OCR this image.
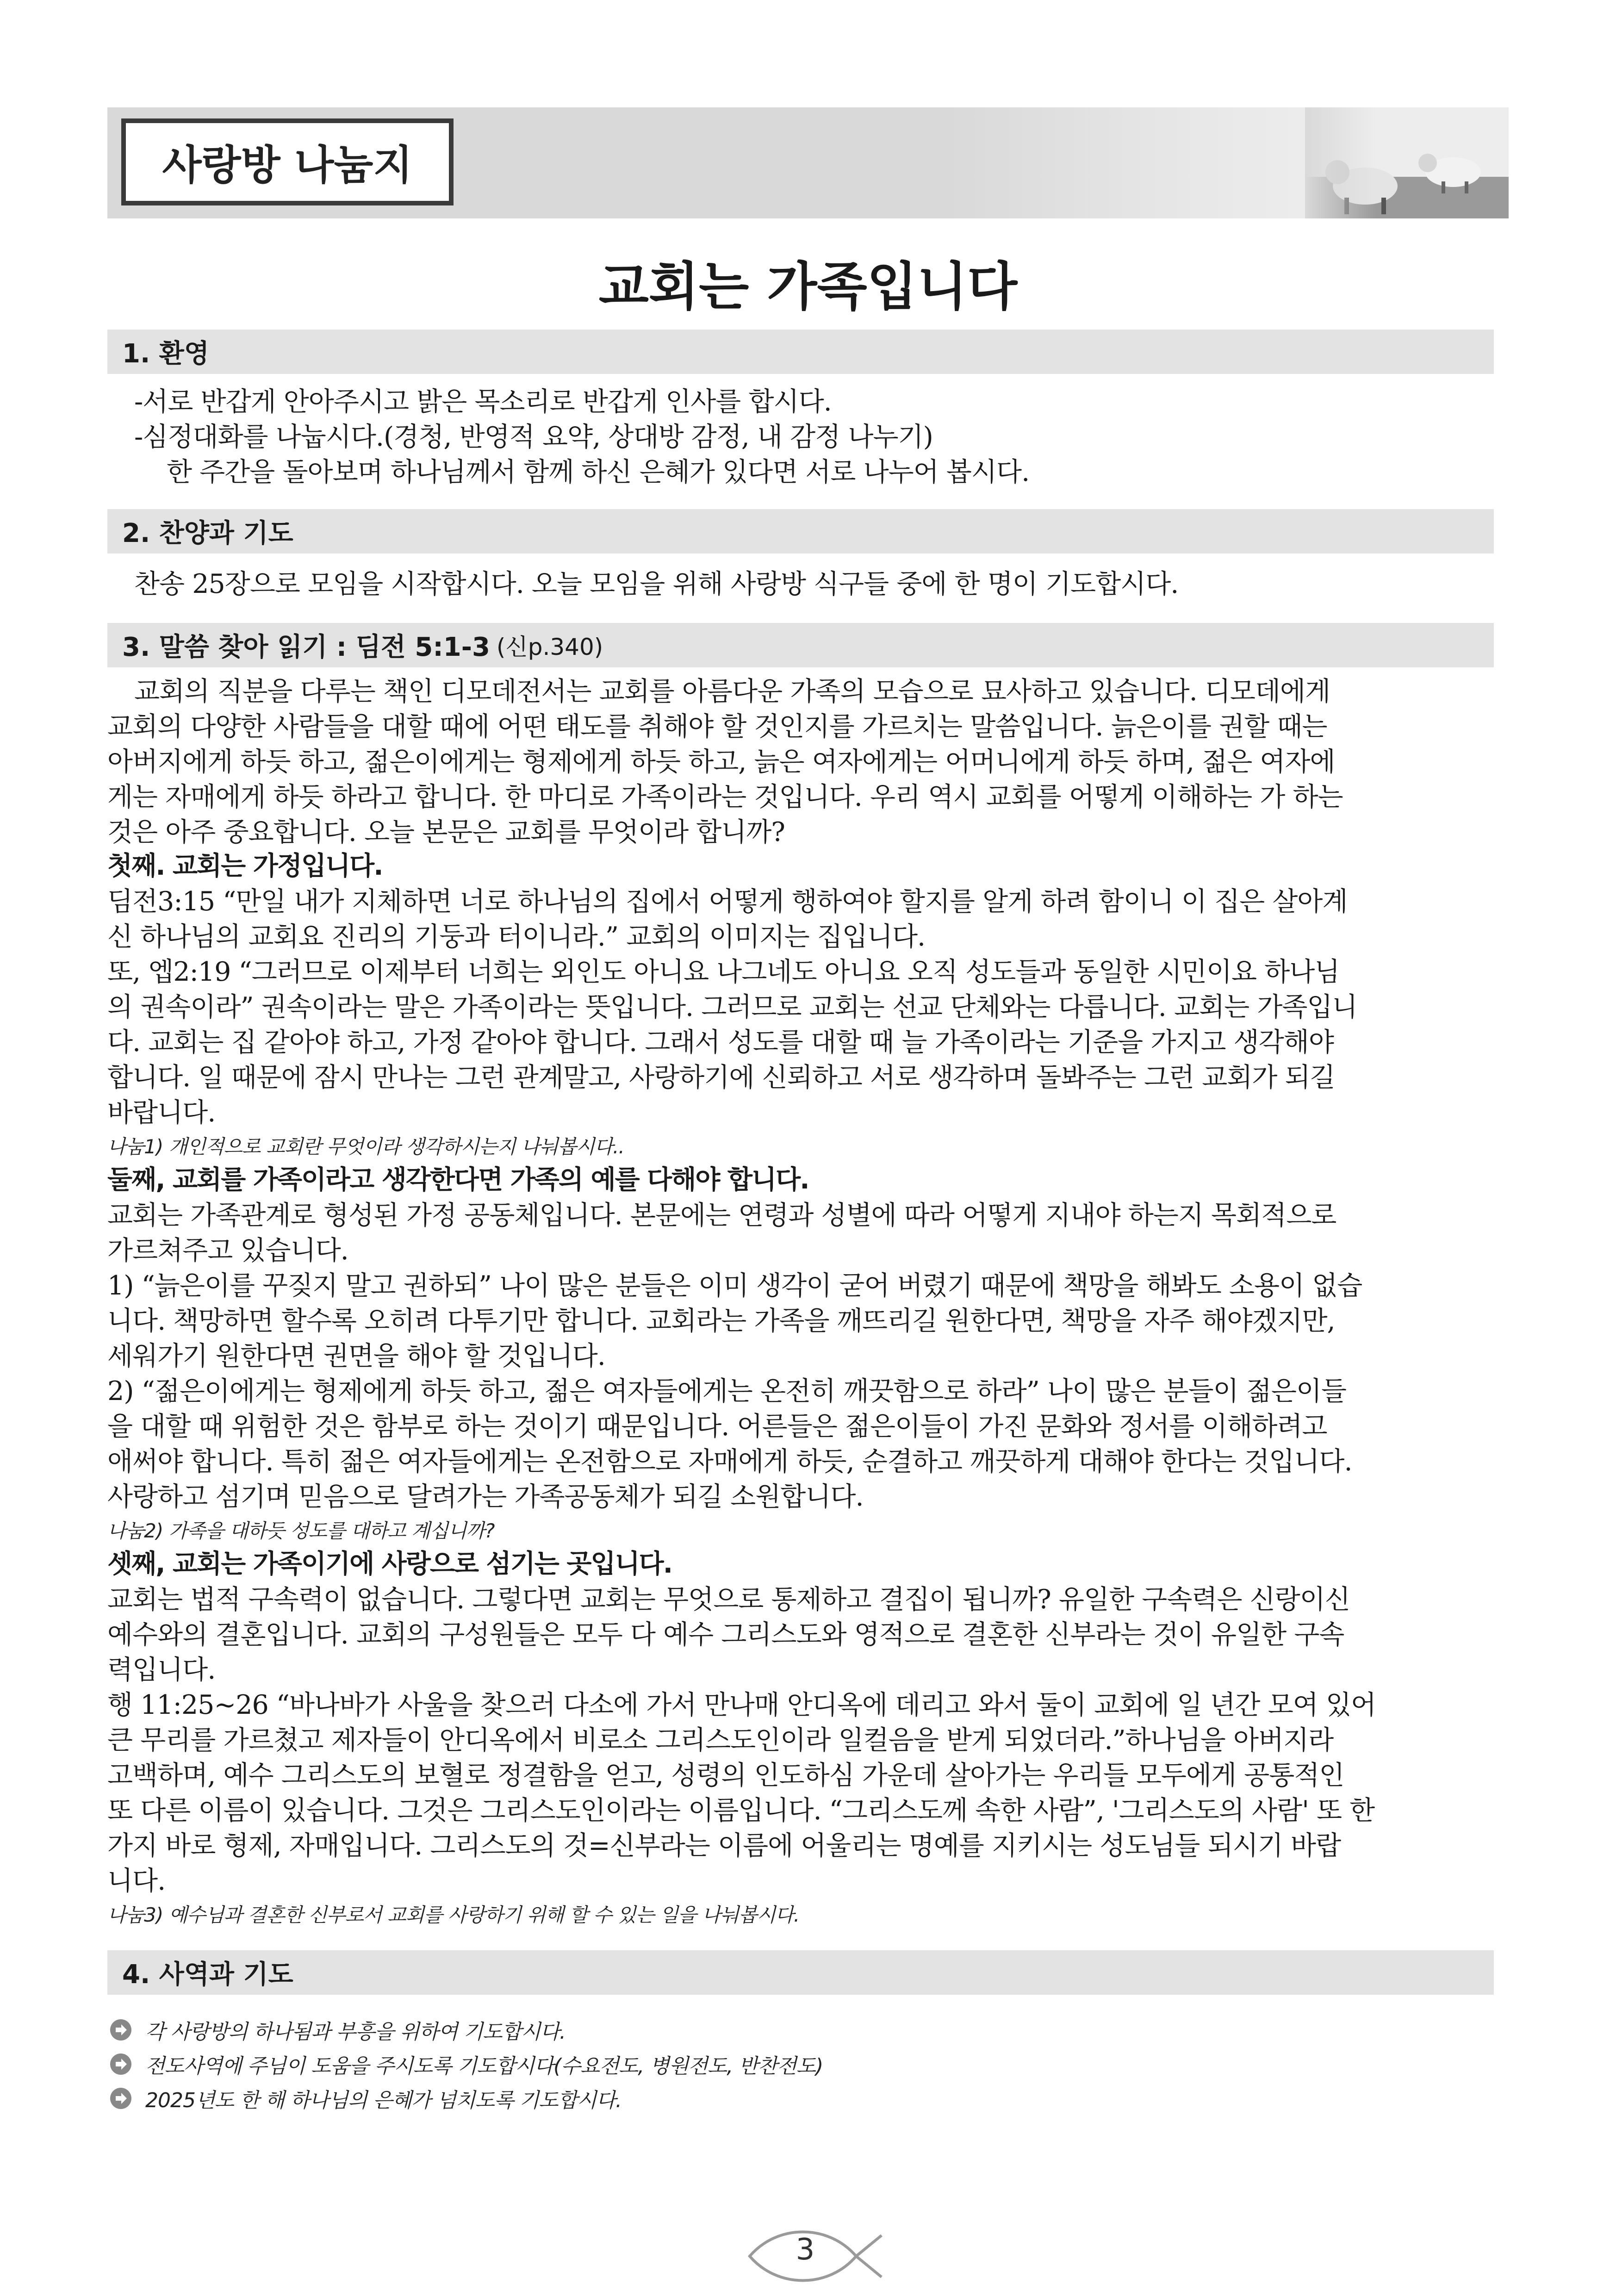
사랑방 나눔지
교회는 가족입니다
1. 환영
-서로 반갑게 안아주시고 밝은 목소리로 반갑게 인사를 합시다.
-심정대화를 나눕시다.(경청, 반영적 요약, 상대방 감정, 내 감정 나누기)
한 주간을 돌아보며 하나님께서 함께 하신 은혜가 있다면 서로 나누어 봅시다.
2. 찬양과 기도
찬송 25장으로 모임을 시작합시다. 오늘 모임을 위해 사랑방 식구들 중에 한 명이 기도합시다.
3. 말씀 찾아 읽기 : 딤전 5:1-3 (신p.340)
교회의 직분을 다루는 책인 디모데전서는 교회를 아름다운 가족의 모습으로 묘사하고 있습니다. 디모데에게
교회의 다양한 사람들을 대할 때에 어떤 태도를 취해야 할 것인지를 가르치는 말씀입니다. 늙은이를 권할 때는
아버지에게 하듯 하고, 젊은이에게는 형제에게 하듯 하고, 늙은 여자에게는 어머니에게 하듯 하며, 젊은 여자에
게는 자매에게 하듯 하라고 합니다. 한 마디로 가족이라는 것입니다. 우리 역시 교회를 어떻게 이해하는 가 하는
것은 아주 중요합니다. 오늘 본문은 교회를 무엇이라 합니까?
첫째. 교회는 가정입니다.
딤전3:15 “만일 내가 지체하면 너로 하나님의 집에서 어떻게 행하여야 할지를 알게 하려 함이니 이 집은 살아계
신 하나님의 교회요 진리의 기둥과 터이니라.” 교회의 이미지는 집입니다.
또, 엡2:19 “그러므로 이제부터 너희는 외인도 아니요 나그네도 아니요 오직 성도들과 동일한 시민이요 하나님
의 권속이라” 권속이라는 말은 가족이라는 뜻입니다. 그러므로 교회는 선교 단체와는 다릅니다. 교회는 가족입니
다. 교회는 집 같아야 하고, 가정 같아야 합니다. 그래서 성도를 대할 때 늘 가족이라는 기준을 가지고 생각해야
합니다. 일 때문에 잠시 만나는 그런 관계말고, 사랑하기에 신뢰하고 서로 생각하며 돌봐주는 그런 교회가 되길
바랍니다.
나눔1) 개인적으로 교회란 무엇이라 생각하시는지 나눠봅시다..
둘째, 교회를 가족이라고 생각한다면 가족의 예를 다해야 합니다.
교회는 가족관계로 형성된 가정 공동체입니다. 본문에는 연령과 성별에 따라 어떻게 지내야 하는지 목회적으로
가르쳐주고 있습니다.
1) “늙은이를 꾸짖지 말고 권하되” 나이 많은 분들은 이미 생각이 굳어 버렸기 때문에 책망을 해봐도 소용이 없습
니다. 책망하면 할수록 오히려 다투기만 합니다. 교회라는 가족을 깨뜨리길 원한다면, 책망을 자주 해야겠지만,
세워가기 원한다면 권면을 해야 할 것입니다.
2) “젊은이에게는 형제에게 하듯 하고, 젊은 여자들에게는 온전히 깨끗함으로 하라” 나이 많은 분들이 젊은이들
을 대할 때 위험한 것은 함부로 하는 것이기 때문입니다. 어른들은 젊은이들이 가진 문화와 정서를 이해하려고
애써야 합니다. 특히 젊은 여자들에게는 온전함으로 자매에게 하듯, 순결하고 깨끗하게 대해야 한다는 것입니다.
사랑하고 섬기며 믿음으로 달려가는 가족공동체가 되길 소원합니다.
나눔2) 가족을 대하듯 성도를 대하고 계십니까?
셋째, 교회는 가족이기에 사랑으로 섬기는 곳입니다.
교회는 법적 구속력이 없습니다. 그렇다면 교회는 무엇으로 통제하고 결집이 됩니까? 유일한 구속력은 신랑이신
예수와의 결혼입니다. 교회의 구성원들은 모두 다 예수 그리스도와 영적으로 결혼한 신부라는 것이 유일한 구속
력입니다.
행 11:25~26 “바나바가 사울을 찾으러 다소에 가서 만나매 안디옥에 데리고 와서 둘이 교회에 일 년간 모여 있어
큰 무리를 가르쳤고 제자들이 안디옥에서 비로소 그리스도인이라 일컬음을 받게 되었더라.”하나님을 아버지라
고백하며, 예수 그리스도의 보혈로 정결함을 얻고, 성령의 인도하심 가운데 살아가는 우리들 모두에게 공통적인
또 다른 이름이 있습니다. 그것은 그리스도인이라는 이름입니다. “그리스도께 속한 사람”, '그리스도의 사람' 또 한
가지 바로 형제, 자매입니다. 그리스도의 것=신부라는 이름에 어울리는 명예를 지키시는 성도님들 되시기 바랍
니다.
나눔3) 예수님과 결혼한 신부로서 교회를 사랑하기 위해 할 수 있는 일을 나눠봅시다.
4. 사역과 기도
각 사랑방의 하나됨과 부흥을 위하여 기도합시다.
전도사역에 주님이 도움을 주시도록 기도합시다(수요전도, 병원전도, 반찬전도)
2025년도 한 해 하나님의 은혜가 넘치도록 기도합시다.
3
